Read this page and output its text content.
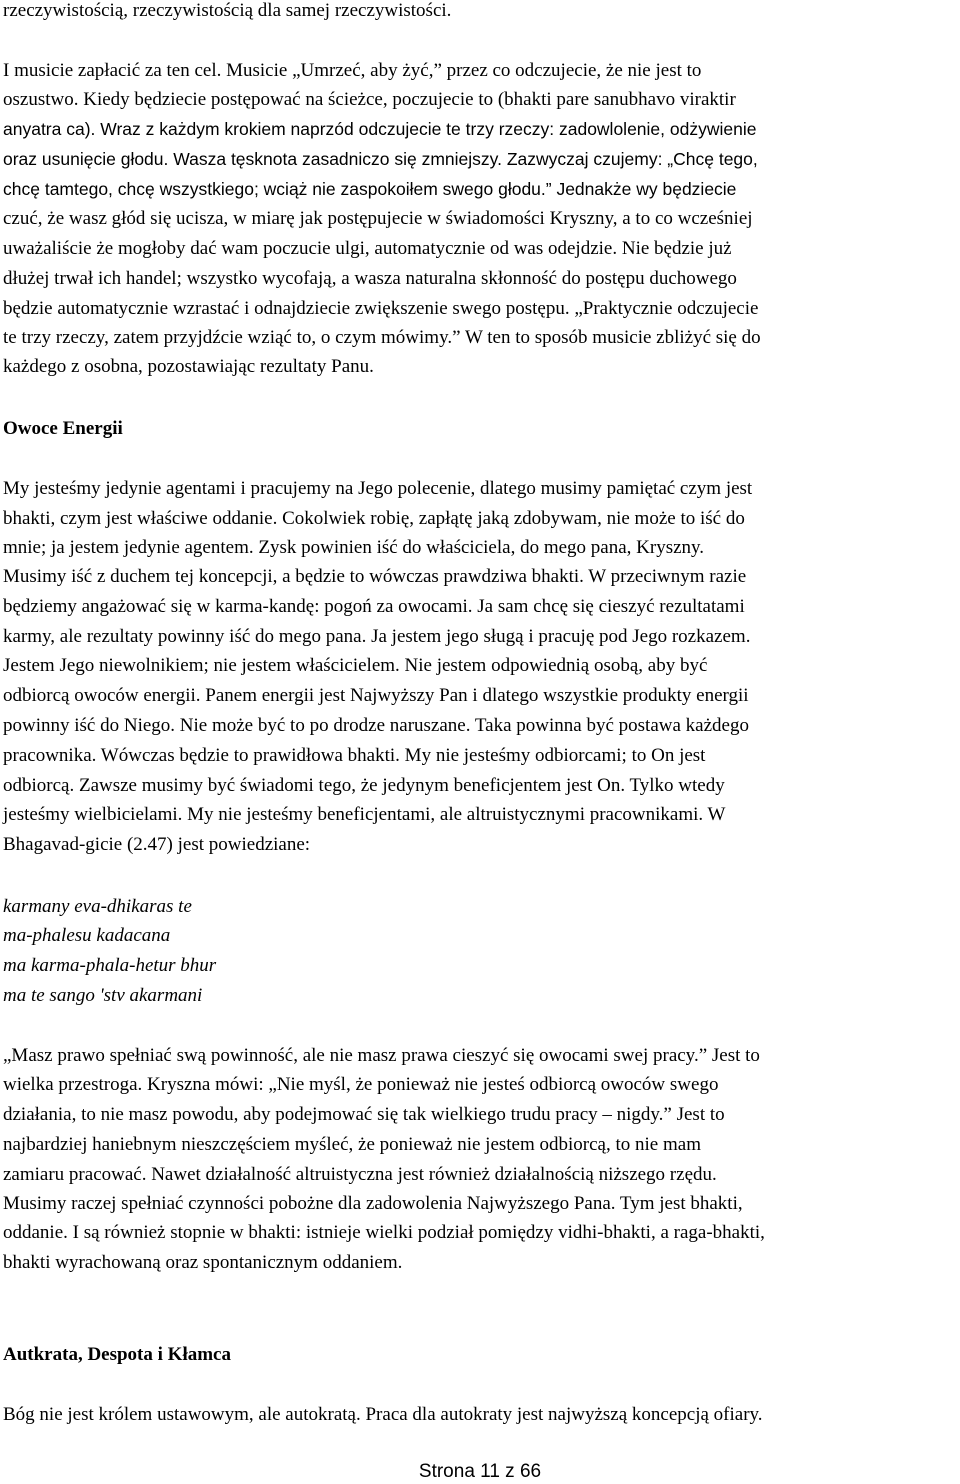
rzeczywistością, rzeczywistością dla samej rzeczywistości.
I musicie zapłacić za ten cel. Musicie „Umrzeć, aby żyć,” przez co odczujecie, że nie jest to
oszustwo. Kiedy będziecie postępować na ścieżce, poczujecie to (bhakti pare sanubhavo viraktir
anyatra ca). Wraz z każdym krokiem naprzód odczujecie te trzy rzeczy: zadowlolenie, odżywienie
oraz usunięcie głodu. Wasza tęsknota zasadniczo się zmniejszy. Zazwyczaj czujemy: „Chcę tego,
chcę tamtego, chcę wszystkiego; wciąż nie zaspokoiłem swego głodu.” Jednakże wy będziecie
czuć, że wasz głód się ucisza, w miarę jak postępujecie w świadomości Kryszny, a to co wcześniej
uważaliście że mogłoby dać wam poczucie ulgi, automatycznie od was odejdzie. Nie będzie już
dłużej trwał ich handel; wszystko wycofają, a wasza naturalna skłonność do postępu duchowego
będzie automatycznie wzrastać i odnajdziecie zwiększenie swego postępu. „Praktycznie odczujecie
te trzy rzeczy, zatem przyjdźcie wziąć to, o czym mówimy.” W ten to sposób musicie zbliżyć się do
każdego z osobna, pozostawiając rezultaty Panu.
Owoce Energii
My jesteśmy jedynie agentami i pracujemy na Jego polecenie, dlatego musimy pamiętać czym jest
bhakti, czym jest właściwe oddanie. Cokolwiek robię, zapłątę jaką zdobywam, nie może to iść do
mnie; ja jestem jedynie agentem. Zysk powinien iść do właściciela, do mego pana, Kryszny.
Musimy iść z duchem tej koncepcji, a będzie to wówczas prawdziwa bhakti. W przeciwnym razie
będziemy angażować się w karma-kandę: pogoń za owocami. Ja sam chcę się cieszyć rezultatami
karmy, ale rezultaty powinny iść do mego pana. Ja jestem jego sługą i pracuję pod Jego rozkazem.
Jestem Jego niewolnikiem; nie jestem właścicielem. Nie jestem odpowiednią osobą, aby być
odbiorcą owoców energii. Panem energii jest Najwyższy Pan i dlatego wszystkie produkty energii
powinny iść do Niego. Nie może być to po drodze naruszane. Taka powinna być postawa każdego
pracownika. Wówczas będzie to prawidłowa bhakti. My nie jesteśmy odbiorcami; to On jest
odbiorcą. Zawsze musimy być świadomi tego, że jedynym beneficjentem jest On. Tylko wtedy
jesteśmy wielbicielami. My nie jesteśmy beneficjentami, ale altruistycznymi pracownikami. W
Bhagavad-gicie (2.47) jest powiedziane:
karmany eva-dhikaras te
ma-phalesu kadacana
ma karma-phala-hetur bhur
ma te sango 'stv akarmani
„Masz prawo spełniać swą powinność, ale nie masz prawa cieszyć się owocami swej pracy.” Jest to
wielka przestroga. Kryszna mówi: „Nie myśl, że ponieważ nie jesteś odbiorcą owoców swego
działania, to nie masz powodu, aby podejmować się tak wielkiego trudu pracy – nigdy.” Jest to
najbardziej haniebnym nieszczęściem myśleć, że ponieważ nie jestem odbiorcą, to nie mam
zamiaru pracować. Nawet działalność altruistyczna jest również działalnością niższego rzędu.
Musimy raczej spełniać czynności pobożne dla zadowolenia Najwyższego Pana. Tym jest bhakti,
oddanie. I są również stopnie w bhakti: istnieje wielki podział pomiędzy vidhi-bhakti, a raga-bhakti,
bhakti wyrachowaną oraz spontanicznym oddaniem.
Autkrata, Despota i Kłamca
Bóg nie jest królem ustawowym, ale autokratą. Praca dla autokraty jest najwyższą koncepcją ofiary.
Strona 11 z 66
